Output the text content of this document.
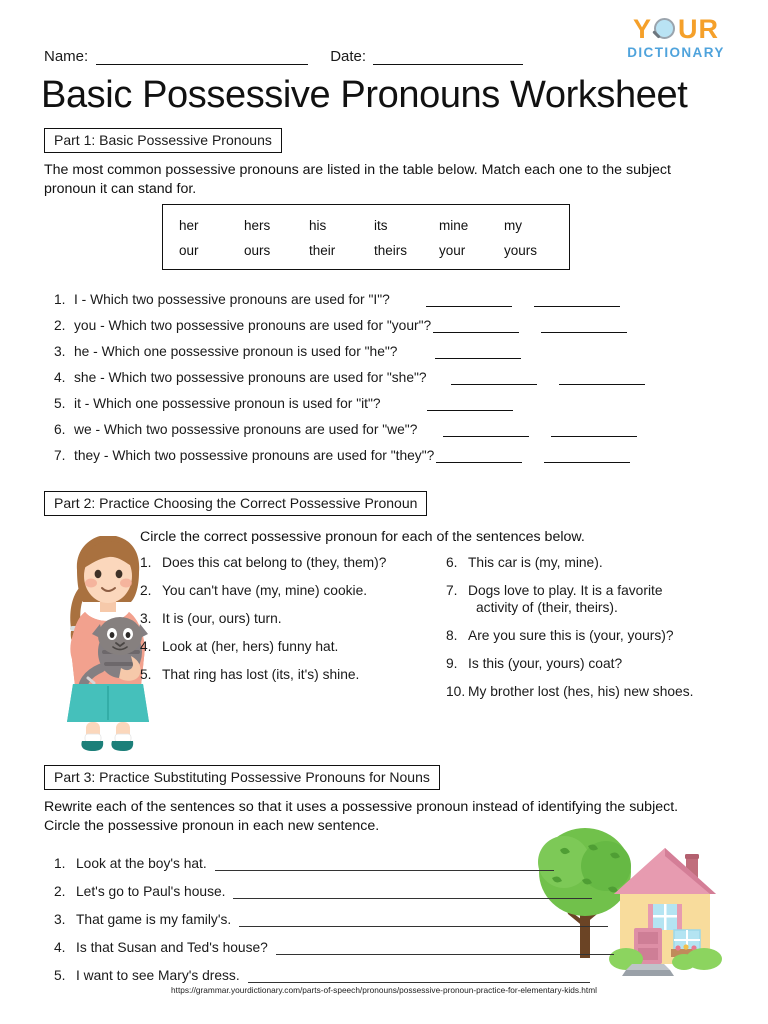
Y UR
DICTIONARY
Name:	Date:
Basic Possessive Pronouns Worksheet
Part 1: Basic Possessive Pronouns
The most common possessive pronouns are listed in the table below. Match each one to the subject pronoun it can stand for.
her	hers	his	its	mine	my
our	ours	their	theirs	your	yours
1. I - Which two possessive pronouns are used for "I"?
2. you - Which two possessive pronouns are used for "your"?
3. he - Which one possessive pronoun is used for "he"?
4. she - Which two possessive pronouns are used for "she"?
5. it - Which one possessive pronoun is used for "it"?
6. we - Which two possessive pronouns are used for "we"?
7. they - Which two possessive pronouns are used for "they"?
Part 2: Practice Choosing the Correct Possessive Pronoun
Circle the correct possessive pronoun for each of the sentences below.
1. Does this cat belong to (they, them)?
2. You can't have (my, mine) cookie.
3. It is (our, ours) turn.
4. Look at (her, hers) funny hat.
5. That ring has lost (its, it's) shine.
6. This car is (my, mine).
7. Dogs love to play. It is a favorite
activity of (their, theirs).
8. Are you sure this is (your, yours)?
9. Is this (your, yours) coat?
10. My brother lost (hes, his) new shoes.
Part 3: Practice Substituting Possessive Pronouns for Nouns
Rewrite each of the sentences so that it uses a possessive pronoun instead of identifying the subject.
Circle the possessive pronoun in each new sentence.
1. Look at the boy's hat.
2. Let's go to Paul's house.
3. That game is my family's.
4. Is that Susan and Ted's house?
5. I want to see Mary's dress.
https://grammar.yourdictionary.com/parts-of-speech/pronouns/possessive-pronoun-practice-for-elementary-kids.html
